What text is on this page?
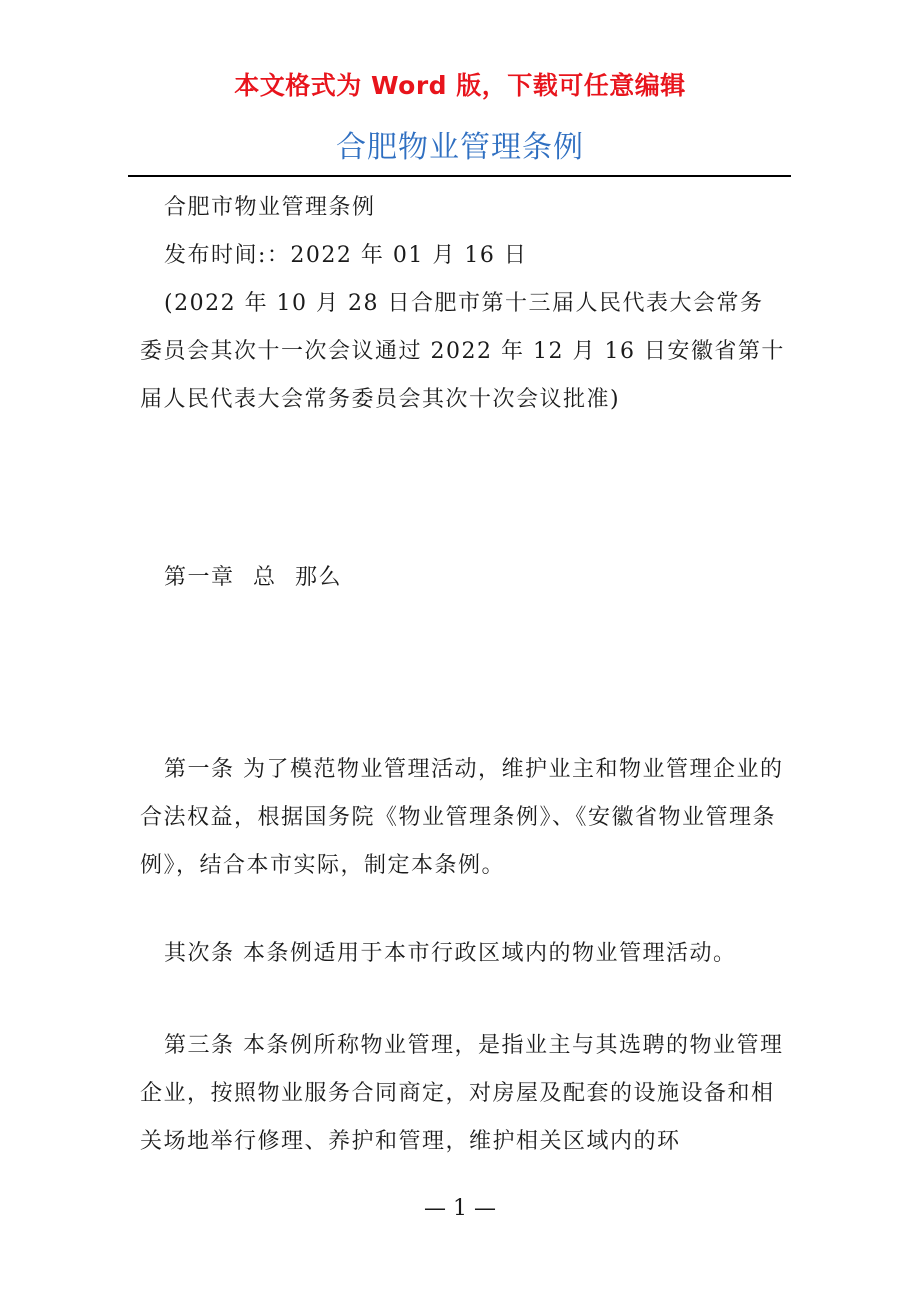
本文格式为 Word 版，下载可任意编辑
合肥物业管理条例

合肥市物业管理条例

发布时间:：2022 年 01 月 16 日

(2022 年 10 月 28 日合肥市第十三届人民代表大会常务委员会其次十一次会议通过 2022 年 12 月 16 日安徽省第十届人民代表大会常务委员会其次十次会议批准)

第一章 总 那么

第一条 为了模范物业管理活动，维护业主和物业管理企业的合法权益，根据国务院《物业管理条例》、《安徽省物业管理条例》，结合本市实际，制定本条例。

其次条 本条例适用于本市行政区域内的物业管理活动。

第三条 本条例所称物业管理，是指业主与其选聘的物业管理企业，按照物业服务合同商定，对房屋及配套的设施设备和相关场地举行修理、养护和管理，维护相关区域内的环

— 1 —
